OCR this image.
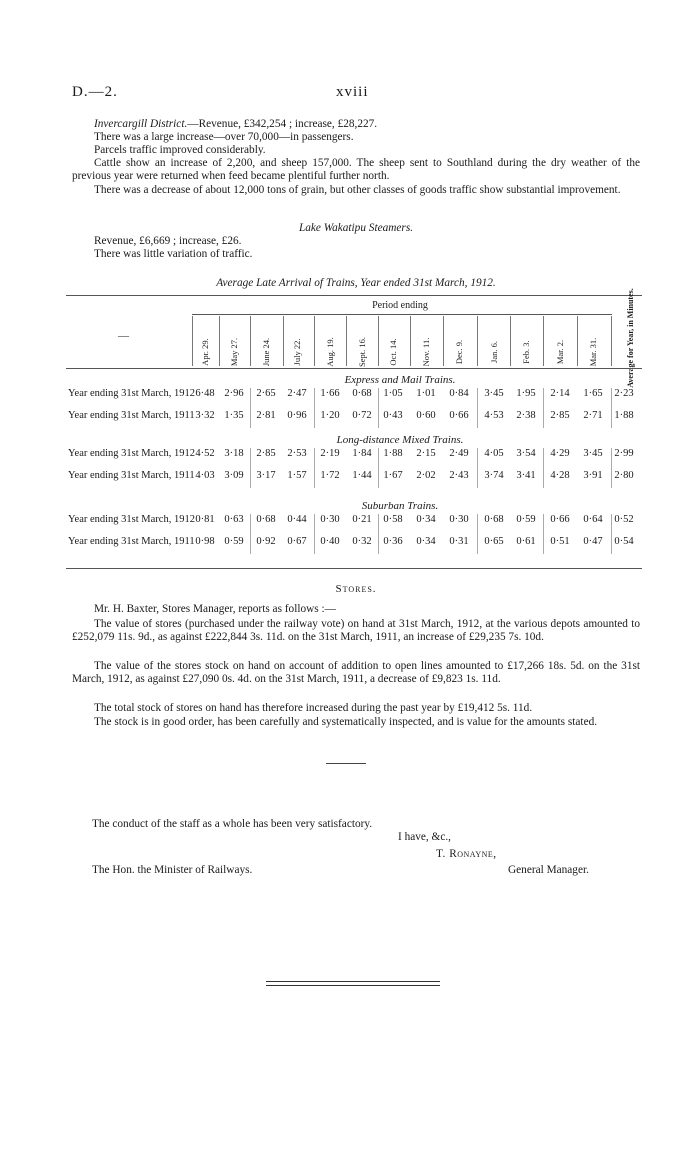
D.—2.	xviii
Invercargill District.—Revenue, £342,254 ; increase, £28,227.
There was a large increase—over 70,000—in passengers.
Parcels traffic improved considerably.
Cattle show an increase of 2,200, and sheep 157,000. The sheep sent to Southland during the dry weather of the previous year were returned when feed became plentiful further north.
There was a decrease of about 12,000 tons of grain, but other classes of goods traffic show substantial improvement.
Lake Wakatipu Steamers.
Revenue, £6,669 ; increase, £26.
There was little variation of traffic.
Average Late Arrival of Trains, Year ended 31st March, 1912.
Period ending
—	Average for Year, in Minutes.
Apr. 29. May 27.	June 24. July 22.	Aug. 19.	Sept. 16. Oct. 14.	Nov. 11.	Dec. 9.	Jan. 6.	Feb. 3.	Mar. 2.	Mar. 31.
Express and Mail Trains.
Year ending 31st March, 1912 6·48 2·96	2·65	2·47	1·66	0·68	1·05	1·01	0·84	3·45	1·95	2·14	1·65	2·23
Year ending 31st March, 1911 3·32 1·35	2·81	0·96	1·20	0·72	0·43	0·60	0·66	4·53	2·38	2·85	2·71	1·88
Long-distance Mixed Trains.
Year ending 31st March, 1912 4·52 3·18	2·85	2·53	2·19	1·84	1·88	2·15	2·49	4·05	3·54	4·29	3·45	2·99
Year ending 31st March, 1911 4·03 3·09	3·17	1·57	1·72	1·44	1·67	2·02	2·43	3·74	3·41	4·28	3·91	2·80
Suburban Trains.
Year ending 31st March, 1912 0·81 0·63	0·68	0·44	0·30	0·21	0·58	0·34	0·30	0·68	0·59	0·66	0·64	0·52
Year ending 31st March, 1911 0·98 0·59	0·92	0·67	0·40	0·32	0·36	0·34	0·31	0·65	0·61	0·51	0·47	0·54
Stores.
Mr. H. Baxter, Stores Manager, reports as follows :—
The value of stores (purchased under the railway vote) on hand at 31st March, 1912, at the various depots amounted to £252,079 11s. 9d., as against £222,844 3s. 11d. on the 31st March, 1911, an increase of £29,235 7s. 10d.
The value of the stores stock on hand on account of addition to open lines amounted to £17,266 18s. 5d. on the 31st March, 1912, as against £27,090 0s. 4d. on the 31st March, 1911, a decrease of £9,823 1s. 11d.
The total stock of stores on hand has therefore increased during the past year by £19,412 5s. 11d.
The stock is in good order, has been carefully and systematically inspected, and is value for the amounts stated.
The conduct of the staff as a whole has been very satisfactory.
I have, &c.,
T. Ronayne,
The Hon. the Minister of Railways.	General Manager.
